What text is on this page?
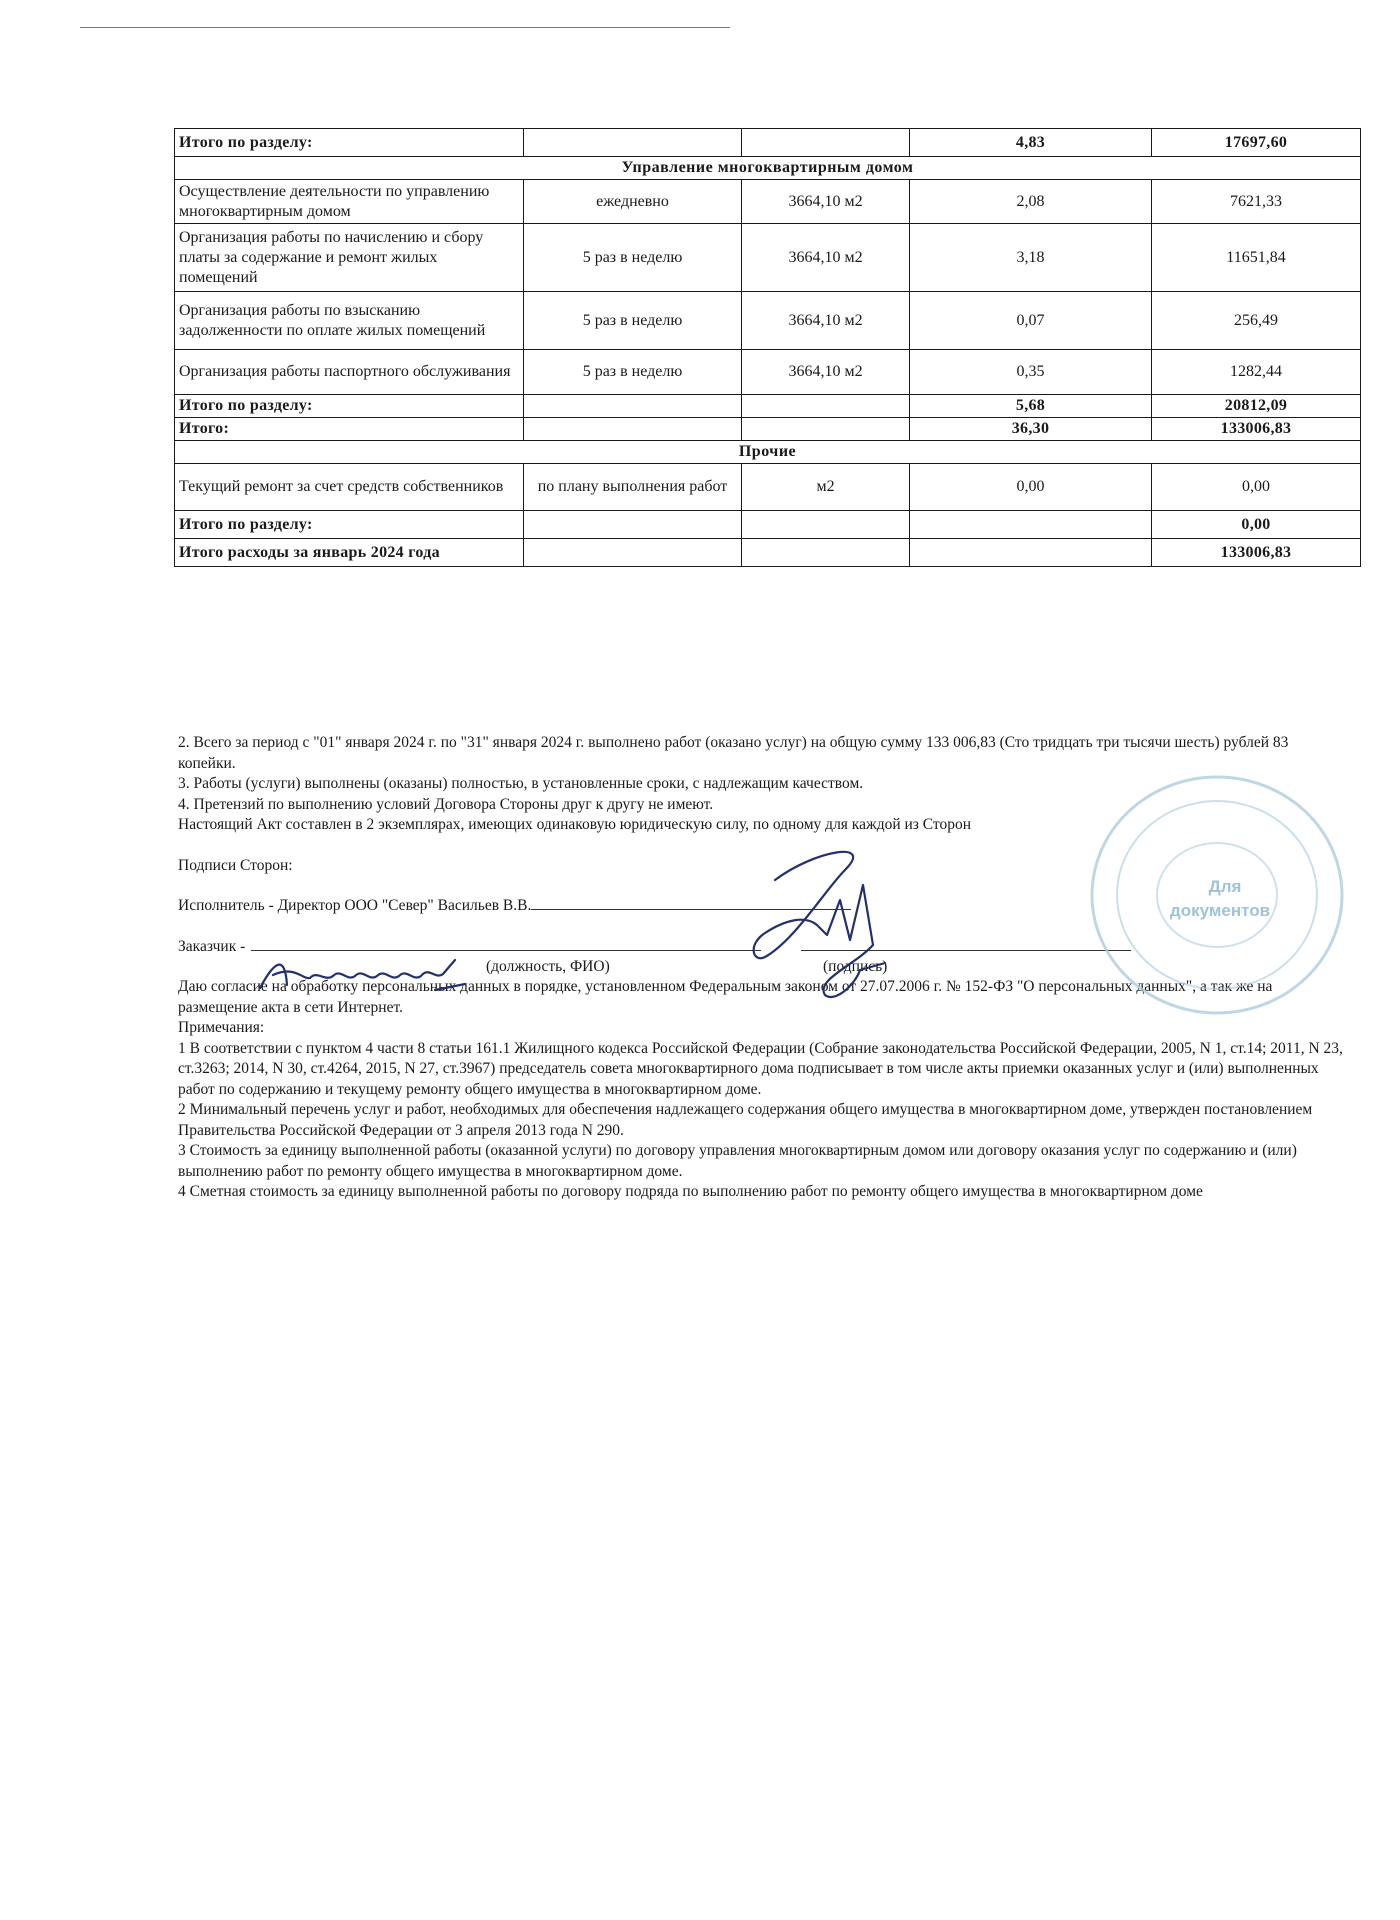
Итого по разделу:			4,83	17697,60
Управление многоквартирным домом				
Осуществление деятельности по управлению многоквартирным домом	ежедневно	3664,10 м2	2,08	7621,33
Организация работы по начислению и сбору платы за содержание и ремонт жилых помещений	5 раз в неделю	3664,10 м2	3,18	11651,84
Организация работы по взысканию задолженности по оплате жилых помещений	5 раз в неделю	3664,10 м2	0,07	256,49
Организация работы паспортного обслуживания	5 раз в неделю	3664,10 м2	0,35	1282,44
Итого по разделу:			5,68	20812,09
Итого:			36,30	133006,83
Прочие				
Текущий ремонт за счет средств собственников	по плану выполнения работ	м2	0,00	0,00
Итого по разделу:				0,00
Итого расходы за январь 2024 года				133006,83

2. Всего за период с "01" января 2024 г. по "31" января 2024 г. выполнено работ (оказано услуг) на общую сумму 133 006,83 (Сто тридцать три тысячи шесть) рублей 83 копейки.

3. Работы (услуги) выполнены (оказаны) полностью, в установленные сроки, с надлежащим качеством.

4. Претензий по выполнению условий Договора Стороны друг к другу не имеют.

Настоящий Акт составлен в 2 экземплярах, имеющих одинаковую юридическую силу, по одному для каждой из Сторон

Подписи Сторон:

Исполнитель - Директор ООО "Север" Васильев В.В.

Заказчик -

(должность, ФИО)	(подпись)

Даю согласие на обработку персональных данных в порядке, установленном Федеральным законом от 27.07.2006 г. № 152-ФЗ "О персональных данных", а так же на размещение акта в сети Интернет.

Примечания:

1 В соответствии с пунктом 4 части 8 статьи 161.1 Жилищного кодекса Российской Федерации (Собрание законодательства Российской Федерации, 2005, N 1, ст.14; 2011, N 23, ст.3263; 2014, N 30, ст.4264, 2015, N 27, ст.3967) председатель совета многоквартирного дома подписывает в том числе акты приемки оказанных услуг и (или) выполненных работ по содержанию и текущему ремонту общего имущества в многоквартирном доме.

2 Минимальный перечень услуг и работ, необходимых для обеспечения надлежащего содержания общего имущества в многоквартирном доме, утвержден постановлением Правительства Российской Федерации от 3 апреля 2013 года N 290.

3 Стоимость за единицу выполненной работы (оказанной услуги) по договору управления многоквартирным домом или договору оказания услуг по содержанию и (или) выполнению работ по ремонту общего имущества в многоквартирном доме.

4 Сметная стоимость за единицу выполненной работы по договору подряда по выполнению работ по ремонту общего имущества в многоквартирном доме

Для
документов
